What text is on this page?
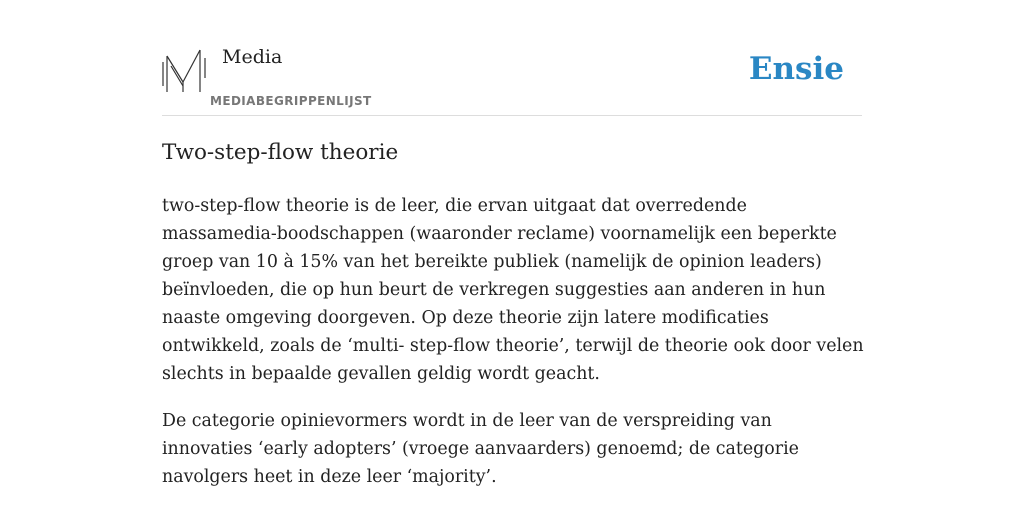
Media
MEDIABEGRIPPENLIJST
Ensie
Two-step-flow theorie

two-step-flow theorie is de leer, die ervan uitgaat dat overredende massamedia-boodschappen (waaronder reclame) voornamelijk een beperkte groep van 10 à 15% van het bereikte publiek (namelijk de opinion leaders) beïnvloeden, die op hun beurt de verkregen suggesties aan anderen in hun naaste omgeving doorgeven. Op deze theorie zijn latere modificaties ontwikkeld, zoals de ‘multi- step-flow theorie’, terwijl de theorie ook door velen slechts in bepaalde gevallen geldig wordt geacht.

De categorie opinievormers wordt in de leer van de verspreiding van innovaties ‘early adopters’ (vroege aanvaarders) genoemd; de categorie navolgers heet in deze leer ‘majority’.
